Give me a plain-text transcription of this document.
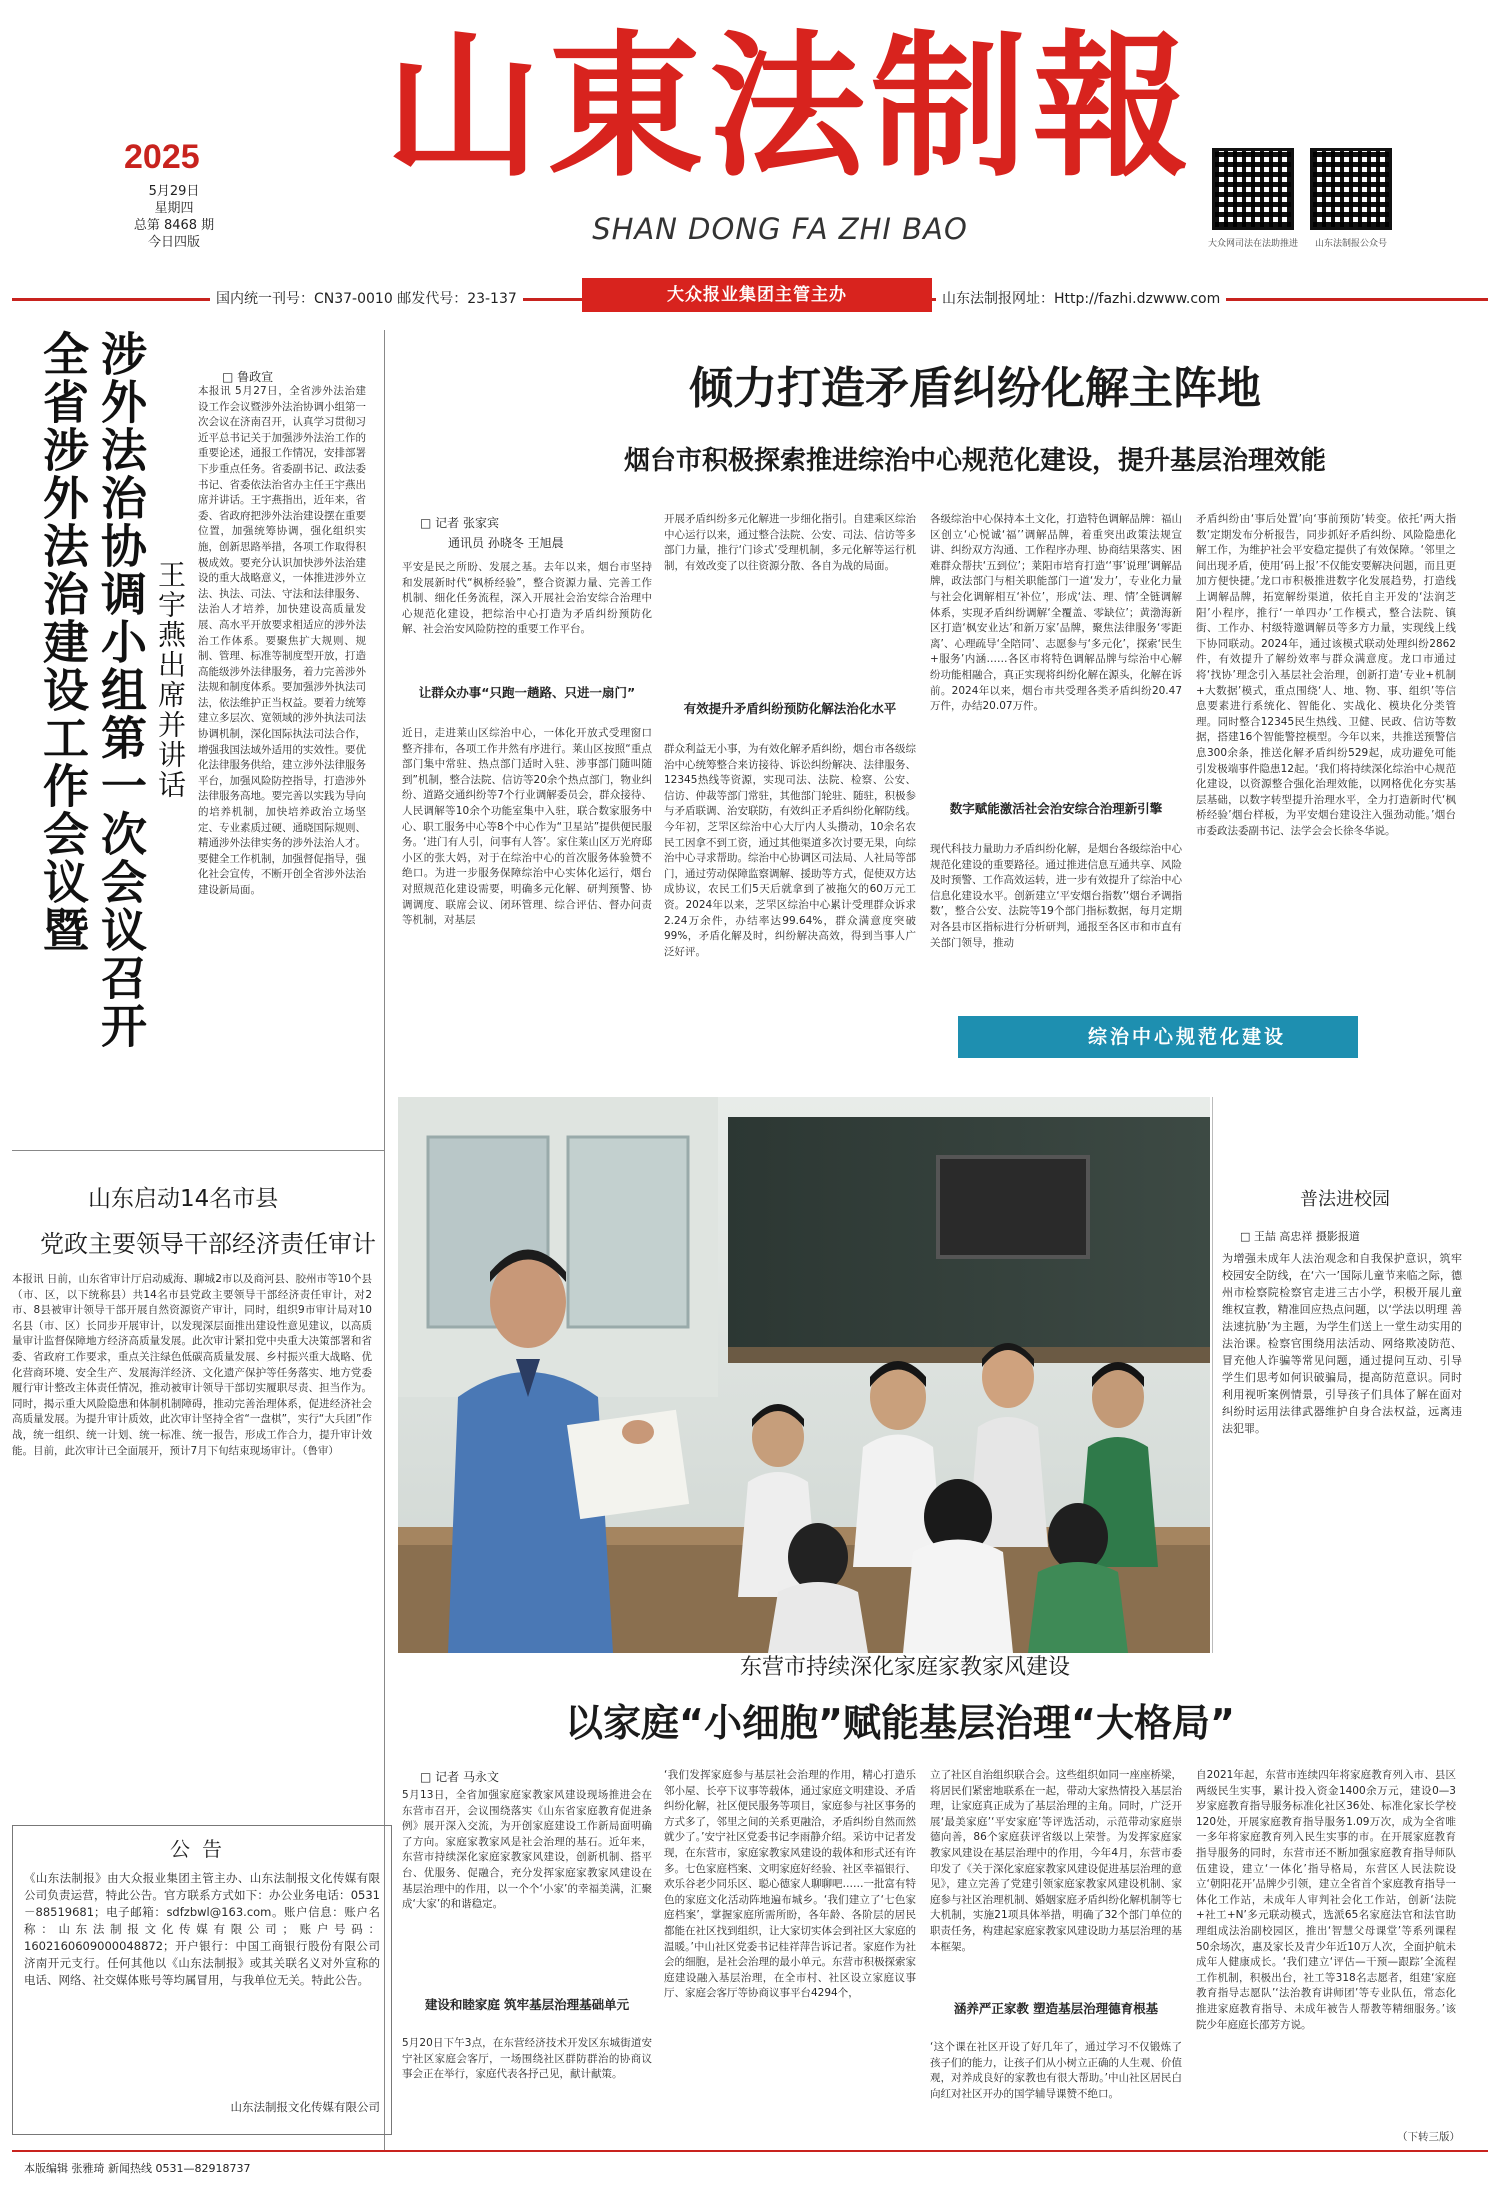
山東法制報
SHAN DONG FA ZHI BAO
2025
5月29日
星期四
总第 8468 期
今日四版	大众网司法在法助推进	山东法制报公众号
国内统一刊号：CN37-0010 邮发代号：23-137	大众报业集团主管主办	山东法制报网址：Http://fazhi.dzwww.com
涉外法治协调小组第一次会议召开
全省涉外法治建设工作会议暨 王宇燕出席并讲话
□ 鲁政宣
本报讯 5月27日，全省涉外法治建设工作会议暨涉外法治协调小组第一次会议在济南召开，认真学习贯彻习近平总书记关于加强涉外法治工作的重要论述，通报工作情况，安排部署下步重点任务。省委副书记、政法委书记、省委依法治省办主任王宇燕出席并讲话。王宇燕指出，近年来，省委、省政府把涉外法治建设摆在重要位置，加强统筹协调，强化组织实施，创新思路举措，各项工作取得积极成效。要充分认识加快涉外法治建设的重大战略意义，一体推进涉外立法、执法、司法、守法和法律服务、法治人才培养，加快建设高质量发展、高水平开放要求相适应的涉外法治工作体系。要聚焦扩大规则、规制、管理、标准等制度型开放，打造高能级涉外法律服务，着力完善涉外法规和制度体系。要加强涉外执法司法，依法维护正当权益。要着力统筹建立多层次、宽领域的涉外执法司法协调机制，深化国际执法司法合作，增强我国法域外适用的实效性。要优化法律服务供给，建立涉外法律服务平台，加强风险防控指导，打造涉外法律服务高地。要完善以实践为导向的培养机制，加快培养政治立场坚定、专业素质过硬、通晓国际规则、精通涉外法律实务的涉外法治人才。要健全工作机制，加强督促指导，强化社会宣传，不断开创全省涉外法治建设新局面。
山东启动14名市县
党政主要领导干部经济责任审计
本报讯 日前，山东省审计厅启动威海、聊城2市以及商河县、胶州市等10个县（市、区，以下统称县）共14名市县党政主要领导干部经济责任审计，对2市、8县被审计领导干部开展自然资源资产审计，同时，组织9市审计局对10名县（市、区）长同步开展审计，以发现深层面推出建设性意见建议，以高质量审计监督保障地方经济高质量发展。此次审计紧扣党中央重大决策部署和省委、省政府工作要求，重点关注绿色低碳高质量发展、乡村振兴重大战略、优化营商环境、安全生产、发展海洋经济、文化遗产保护等任务落实、地方党委履行审计整改主体责任情况，推动被审计领导干部切实履职尽责、担当作为。同时，揭示重大风险隐患和体制机制障碍，推动完善治理体系，促进经济社会高质量发展。为提升审计质效，此次审计坚持全省“一盘棋”，实行“大兵团”作战，统一组织、统一计划、统一标准、统一报告，形成工作合力，提升审计效能。目前，此次审计已全面展开，预计7月下旬结束现场审计。（鲁审）
公告
《山东法制报》由大众报业集团主管主办、山东法制报文化传媒有限公司负责运营，特此公告。官方联系方式如下：办公业务电话：0531－88519681；电子邮箱：sdfzbwl@163.com。账户信息：账户名称：山东法制报文化传媒有限公司；账户号码：1602160609000048872；开户银行：中国工商银行股份有限公司济南开元支行。任何其他以《山东法制报》或其关联名义对外宣称的电话、网络、社交媒体账号等均属冒用，与我单位无关。特此公告。
山东法制报文化传媒有限公司
倾力打造矛盾纠纷化解主阵地
烟台市积极探索推进综治中心规范化建设，提升基层治理效能
□ 记者 张家宾
通讯员 孙晓冬 王旭晨
平安是民之所盼、发展之基。去年以来，烟台市坚持和发展新时代“枫桥经验”，整合资源力量、完善工作机制、细化任务流程，深入开展社会治安综合治理中心规范化建设，把综治中心打造为矛盾纠纷预防化解、社会治安风险防控的重要工作平台。
让群众办事“只跑一趟路、只进一扇门”
近日，走进莱山区综治中心，一体化开放式受理窗口整齐排布，各项工作井然有序进行。莱山区按照“重点部门集中常驻、热点部门适时入驻、涉事部门随叫随到”机制，整合法院、信访等20余个热点部门，物业纠纷、道路交通纠纷等7个行业调解委员会，群众接待、人民调解等10余个功能室集中入驻，联合数家服务中心、职工服务中心等8个中心作为“卫星站”提供便民服务。‘进门有人引，问事有人答’。家住莱山区万光府邸小区的张大妈，对于在综治中心的首次服务体验赞不绝口。为进一步服务保障综治中心实体化运行，烟台对照规范化建设需要，明确多元化解、研判预警、协调调度、联席会议、闭环管理、综合评估、督办问责等机制，对基层
开展矛盾纠纷多元化解进一步细化指引。自建乘区综治中心运行以来，通过整合法院、公安、司法、信访等多部门力量，推行‘门诊式’受理机制，多元化解等运行机制，有效改变了以往资源分散、各自为战的局面。
有效提升矛盾纠纷预防化解法治化水平
群众利益无小事，为有效化解矛盾纠纷，烟台市各级综治中心统筹整合来访接待、诉讼纠纷解决、法律服务、12345热线等资源，实现司法、法院、检察、公安、信访、仲裁等部门常驻，其他部门轮驻、随驻，积极参与矛盾联调、治安联防，有效纠正矛盾纠纷化解防线。今年初，芝罘区综治中心大厅内人头攒动，10余名农民工因拿不到工资，通过其他渠道多次讨要无果，向综治中心寻求帮助。综治中心协调区司法局、人社局等部门，通过劳动保障监察调解、援助等方式，促使双方达成协议，农民工们5天后就拿到了被拖欠的60万元工资。2024年以来，芝罘区综治中心累计受理群众诉求2.24万余件，办结率达99.64%，群众满意度突破99%，矛盾化解及时，纠纷解决高效，得到当事人广泛好评。
各级综治中心保持本土文化，打造特色调解品牌：福山区创立‘心悦诚‘福’’调解品牌，着重突出政策法规宣讲、纠纷双方沟通、工作程序办理、协商结果落实、困难群众帮扶‘五到位’；莱阳市培育打造‘‘事’说理’调解品牌，政法部门与相关职能部门一道‘发力’，专业化力量与社会化调解相互‘补位’，形成‘法、理、情’全链调解体系，实现矛盾纠纷调解‘全覆盖、零缺位’；黄渤海新区打造‘枫安业达’和新万家’品牌，聚焦法律服务‘零距离’、心理疏导‘全陪同’、志愿参与‘多元化’，探索‘民生+服务’内涵……各区市将特色调解品牌与综治中心解纷功能相融合，真正实现将纠纷化解在源头，化解在诉前。2024年以来，烟台市共受理各类矛盾纠纷20.47万件，办结20.07万件。
数字赋能激活社会治安综合治理新引擎
现代科技力量助力矛盾纠纷化解，是烟台各级综治中心规范化建设的重要路径。通过推进信息互通共享、风险及时预警、工作高效运转，进一步有效提升了综治中心信息化建设水平。创新建立‘平安烟台指数’‘烟台矛调指数’，整合公安、法院等19个部门指标数据，每月定期对各县市区指标进行分析研判，通报至各区市和市直有关部门领导，推动
矛盾纠纷由‘事后处置’向‘事前预防’转变。依托‘两大指数’定期发布分析报告，同步抓好矛盾纠纷、风险隐患化解工作，为维护社会平安稳定提供了有效保障。‘邻里之间出现矛盾，使用‘码上报’不仅能安要解决问题，而且更加方便快捷。’龙口市积极推进数字化发展趋势，打造线上调解品牌，拓宽解纷渠道，依托自主开发的‘法润芝阳’小程序，推行‘一单四办’工作模式，整合法院、镇街、工作办、村级特邀调解员等多方力量，实现线上线下协同联动。2024年，通过该模式联动处理纠纷2862件，有效提升了解纷效率与群众满意度。龙口市通过将‘找协’理念引入基层社会治理，创新打造‘专业+机制+大数据’模式，重点围绕‘人、地、物、事、组织’等信息要素进行系统化、智能化、实战化、模块化分类管理。同时整合12345民生热线、卫健、民政、信访等数据，搭建16个智能警控模型。今年以来，共推送预警信息300余条，推送化解矛盾纠纷529起，成功避免可能引发极端事件隐患12起。‘我们将持续深化综治中心规范化建设，以资源整合强化治理效能，以网格优化夯实基层基础，以数字转型提升治理水平，全力打造新时代‘枫桥经验’烟台样板，为平安烟台建设注入强劲动能。’烟台市委政法委副书记、法学会会长徐冬华说。
综治中心规范化建设
普法进校园
□ 王喆 高忠祥 摄影报道
为增强未成年人法治观念和自我保护意识，筑牢校园安全防线，在‘六一’国际儿童节来临之际，德州市检察院检察官走进三古小学，积极开展儿童维权宣教，精准回应热点问题，以‘学法以明理 善法速抗胁’为主题，为学生们送上一堂生动实用的法治课。检察官围绕用法活动、网络欺凌防范、冒充他人诈骗等常见问题，通过提问互动、引导学生们思考如何识破骗局，提高防范意识。同时利用视听案例情景，引导孩子们具体了解在面对纠纷时运用法律武器维护自身合法权益，远离违法犯罪。
东营市持续深化家庭家教家风建设
以家庭“小细胞”赋能基层治理“大格局”
□ 记者 马永文
5月13日，全省加强家庭家教家风建设现场推进会在东营市召开，会议围绕落实《山东省家庭教育促进条例》展开深入交流，为开创家庭建设工作新局面明确了方向。家庭家教家风是社会治理的基石。近年来，东营市持续深化家庭家教家风建设，创新机制、搭平台、优服务、促融合，充分发挥家庭家教家风建设在基层治理中的作用，以一个个‘小家’的幸福美满，汇聚成‘大家’的和谐稳定。
建设和睦家庭 筑牢基层治理基础单元
5月20日下午3点，在东营经济技术开发区东城街道安宁社区家庭会客厅，一场围绕社区群防群治的协商议事会正在举行，家庭代表各抒己见，献计献策。
‘我们发挥家庭参与基层社会治理的作用，精心打造乐邻小屋、长亭下议事等载体，通过家庭文明建设、矛盾纠纷化解，社区便民服务等项目，家庭参与社区事务的方式多了，邻里之间的关系更融洽，矛盾纠纷自然而然就少了。’安宁社区党委书记李雨静介绍。采访中记者发现，在东营市，家庭家教家风建设的载体和形式还有许多。七色家庭档案、文明家庭好经验、社区幸福银行、欢乐谷老少同乐区、聪心德家人聊聊吧……一批富有特色的家庭文化活动阵地遍布城乡。‘我们建立了‘七色家庭档案’，掌握家庭所需所盼，各年龄、各阶层的居民都能在社区找到组织，让大家切实体会到社区大家庭的温暖。’中山社区党委书记桂祥萍告诉记者。家庭作为社会的细胞，是社会治理的最小单元。东营市积极探索家庭建设融入基层治理，在全市村、社区设立家庭议事厅、家庭会客厅等协商议事平台4294个，
立了社区自治组织联合会。这些组织如同一座座桥梁，将居民们紧密地联系在一起，带动大家热情投入基层治理，让家庭真正成为了基层治理的主角。同时，广泛开展‘最美家庭’‘平安家庭’等评选活动，示范带动家庭崇德向善，86个家庭获评省级以上荣誉。为发挥家庭家教家风建设在基层治理中的作用，今年4月，东营市委印发了《关于深化家庭家教家风建设促进基层治理的意见》，建立完善了党建引领家庭家教家风建设机制、家庭参与社区治理机制、婚姻家庭矛盾纠纷化解机制等七大机制，实施21项具体举措，明确了32个部门单位的职责任务，构建起家庭家教家风建设助力基层治理的基本框架。
涵养严正家教 塑造基层治理德育根基
‘这个课在社区开设了好几年了，通过学习不仅锻炼了孩子们的能力，让孩子们从小树立正确的人生观、价值观，对养成良好的家教也有很大帮助。’中山社区居民白向红对社区开办的国学辅导课赞不绝口。
自2021年起，东营市连续四年将家庭教育列入市、县区两级民生实事，累计投入资金1400余万元，建设0—3岁家庭教育指导服务标准化社区36处、标准化家长学校120处，开展家庭教育指导服务1.09万次，成为全省唯一多年将家庭教育列入民生实事的市。在开展家庭教育指导服务的同时，东营市还不断加强家庭教育指导师队伍建设，建立‘一体化’指导格局，东营区人民法院设立‘朝阳花开’品牌少引领，建立全省首个家庭教育指导一体化工作站，未成年人审判社会化工作站，创新‘法院+社工+N’多元联动模式，选派65名家庭法官和法官助理组成法治副校园区，推出‘智慧父母课堂’等系列课程50余场次，惠及家长及青少年近10万人次，全面护航未成年人健康成长。‘我们建立‘评估—干预—跟踪’全流程工作机制，积极出台，社工等318名志愿者，组建‘家庭教育指导志愿队’‘法治教育讲师团’等专业队伍，常态化推进家庭教育指导、未成年被告人帮教等精细服务。’该院少年庭庭长邵芳方说。
（下转三版）
本版编辑 张雅琦 新闻热线 0531—82918737
